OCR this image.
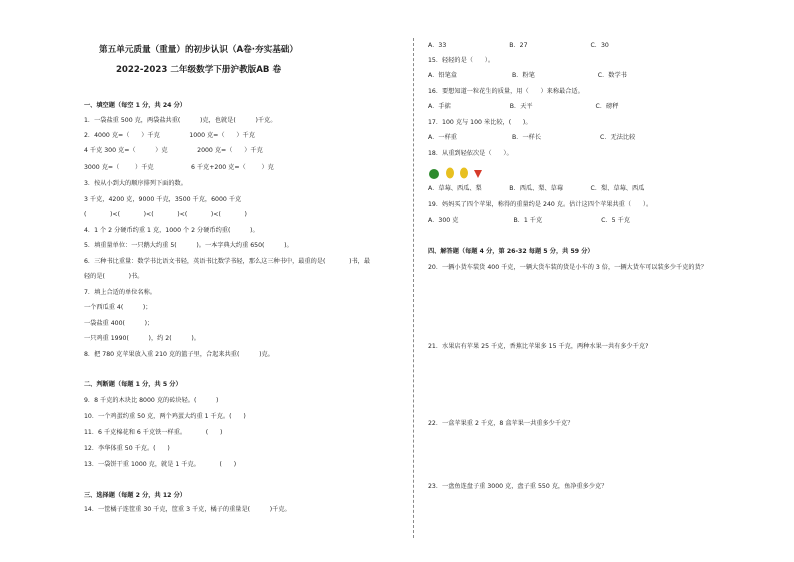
第五单元质量（重量）的初步认识（A卷·夯实基础）
2022-2023 二年级数学下册沪教版AB 卷
一、填空题（每空 1 分，共 24 分）
1．一袋盐重 500 克，两袋盐共重(          )克，也就是(          )千克。
2．4000 克=（      ）千克               1000 克=（      ）千克
4 千克 300 克=（          ）克               2000 克=（      ）千克
3000 克=（        ）千克                   6 千克+200 克=（        ）克
3．按从小到大的顺序排列下面的数。
3 千克，4200 克，9000 千克，3500 千克，6000 千克
(            )<(            )<(            )<(            )<(            )
4．1 个 2 分硬币约重 1 克，1000 个 2 分硬币约重(          )。
5．填重量单位：一只鹅大约重 5(          )。一本字典大约重 650(          )。
6．三种书比重量：数学书比语文书轻，英语书比数学书轻，那么这三种书中，最重的是(            )书，最
轻的是(            )书。
7．填上合适的单位名称。
一个西瓜重 4(          )；
一袋盐重 400(          )；
一只鸡重 1990(          )，约 2(          )。
8．把 780 克苹果放入重 210 克的篮子里，合起来共重(          )克。
二、判断题（每题 1 分，共 5 分）
9．8 千克的木块比 8000 克的砖块轻。(          )
10．一个鸡蛋约重 50 克，两个鸡蛋大约重 1 千克。(      )
11．6 千克棉花和 6 千克铁一样重。          (      )
12．李华体重 50 千克。(      )
13．一袋饼干重 1000 克，就是 1 千克。          (      )
三、选择题（每题 2 分，共 12 分）
14．一筐橘子连筐重 30 千克，筐重 3 千克，橘子的重量是(          )千克。
A．33                                B．27                                C．30
15．轻轻的是（      ）。
A．铅笔盒                            B．粉笔                                C．数学书
16．要想知道一粒花生的质量，用（      ）来称最合适。
A．手掂                              B．天平                                C．磅秤
17．100 克与 100 米比较，(      )。
A．一样重                            B．一样长                              C．无法比较
18．从重到轻依次是（      ）。
A．草莓、西瓜、梨              B．西瓜、梨、草莓              C．梨、草莓、西瓜
19．妈妈买了四个苹果，称得的重量约是 240 克。估计这四个苹果共重（      ）。
A．300 克                            B．1 千克                              C．5 千克
四、解答题（每题 4 分，第 26-32 每题 5 分，共 59 分）
20．一辆小货车装货 400 千克，一辆大货车装的货是小车的 3 倍，一辆大货车可以装多少千克的货？
21．水果店有苹果 25 千克，香蕉比苹果多 15 千克，两种水果一共有多少千克?
22．一盒苹果重 2 千克，8 盒苹果一共重多少千克？
23．一盘鱼连盘子重 3000 克，盘子重 550 克，鱼净重多少克？
